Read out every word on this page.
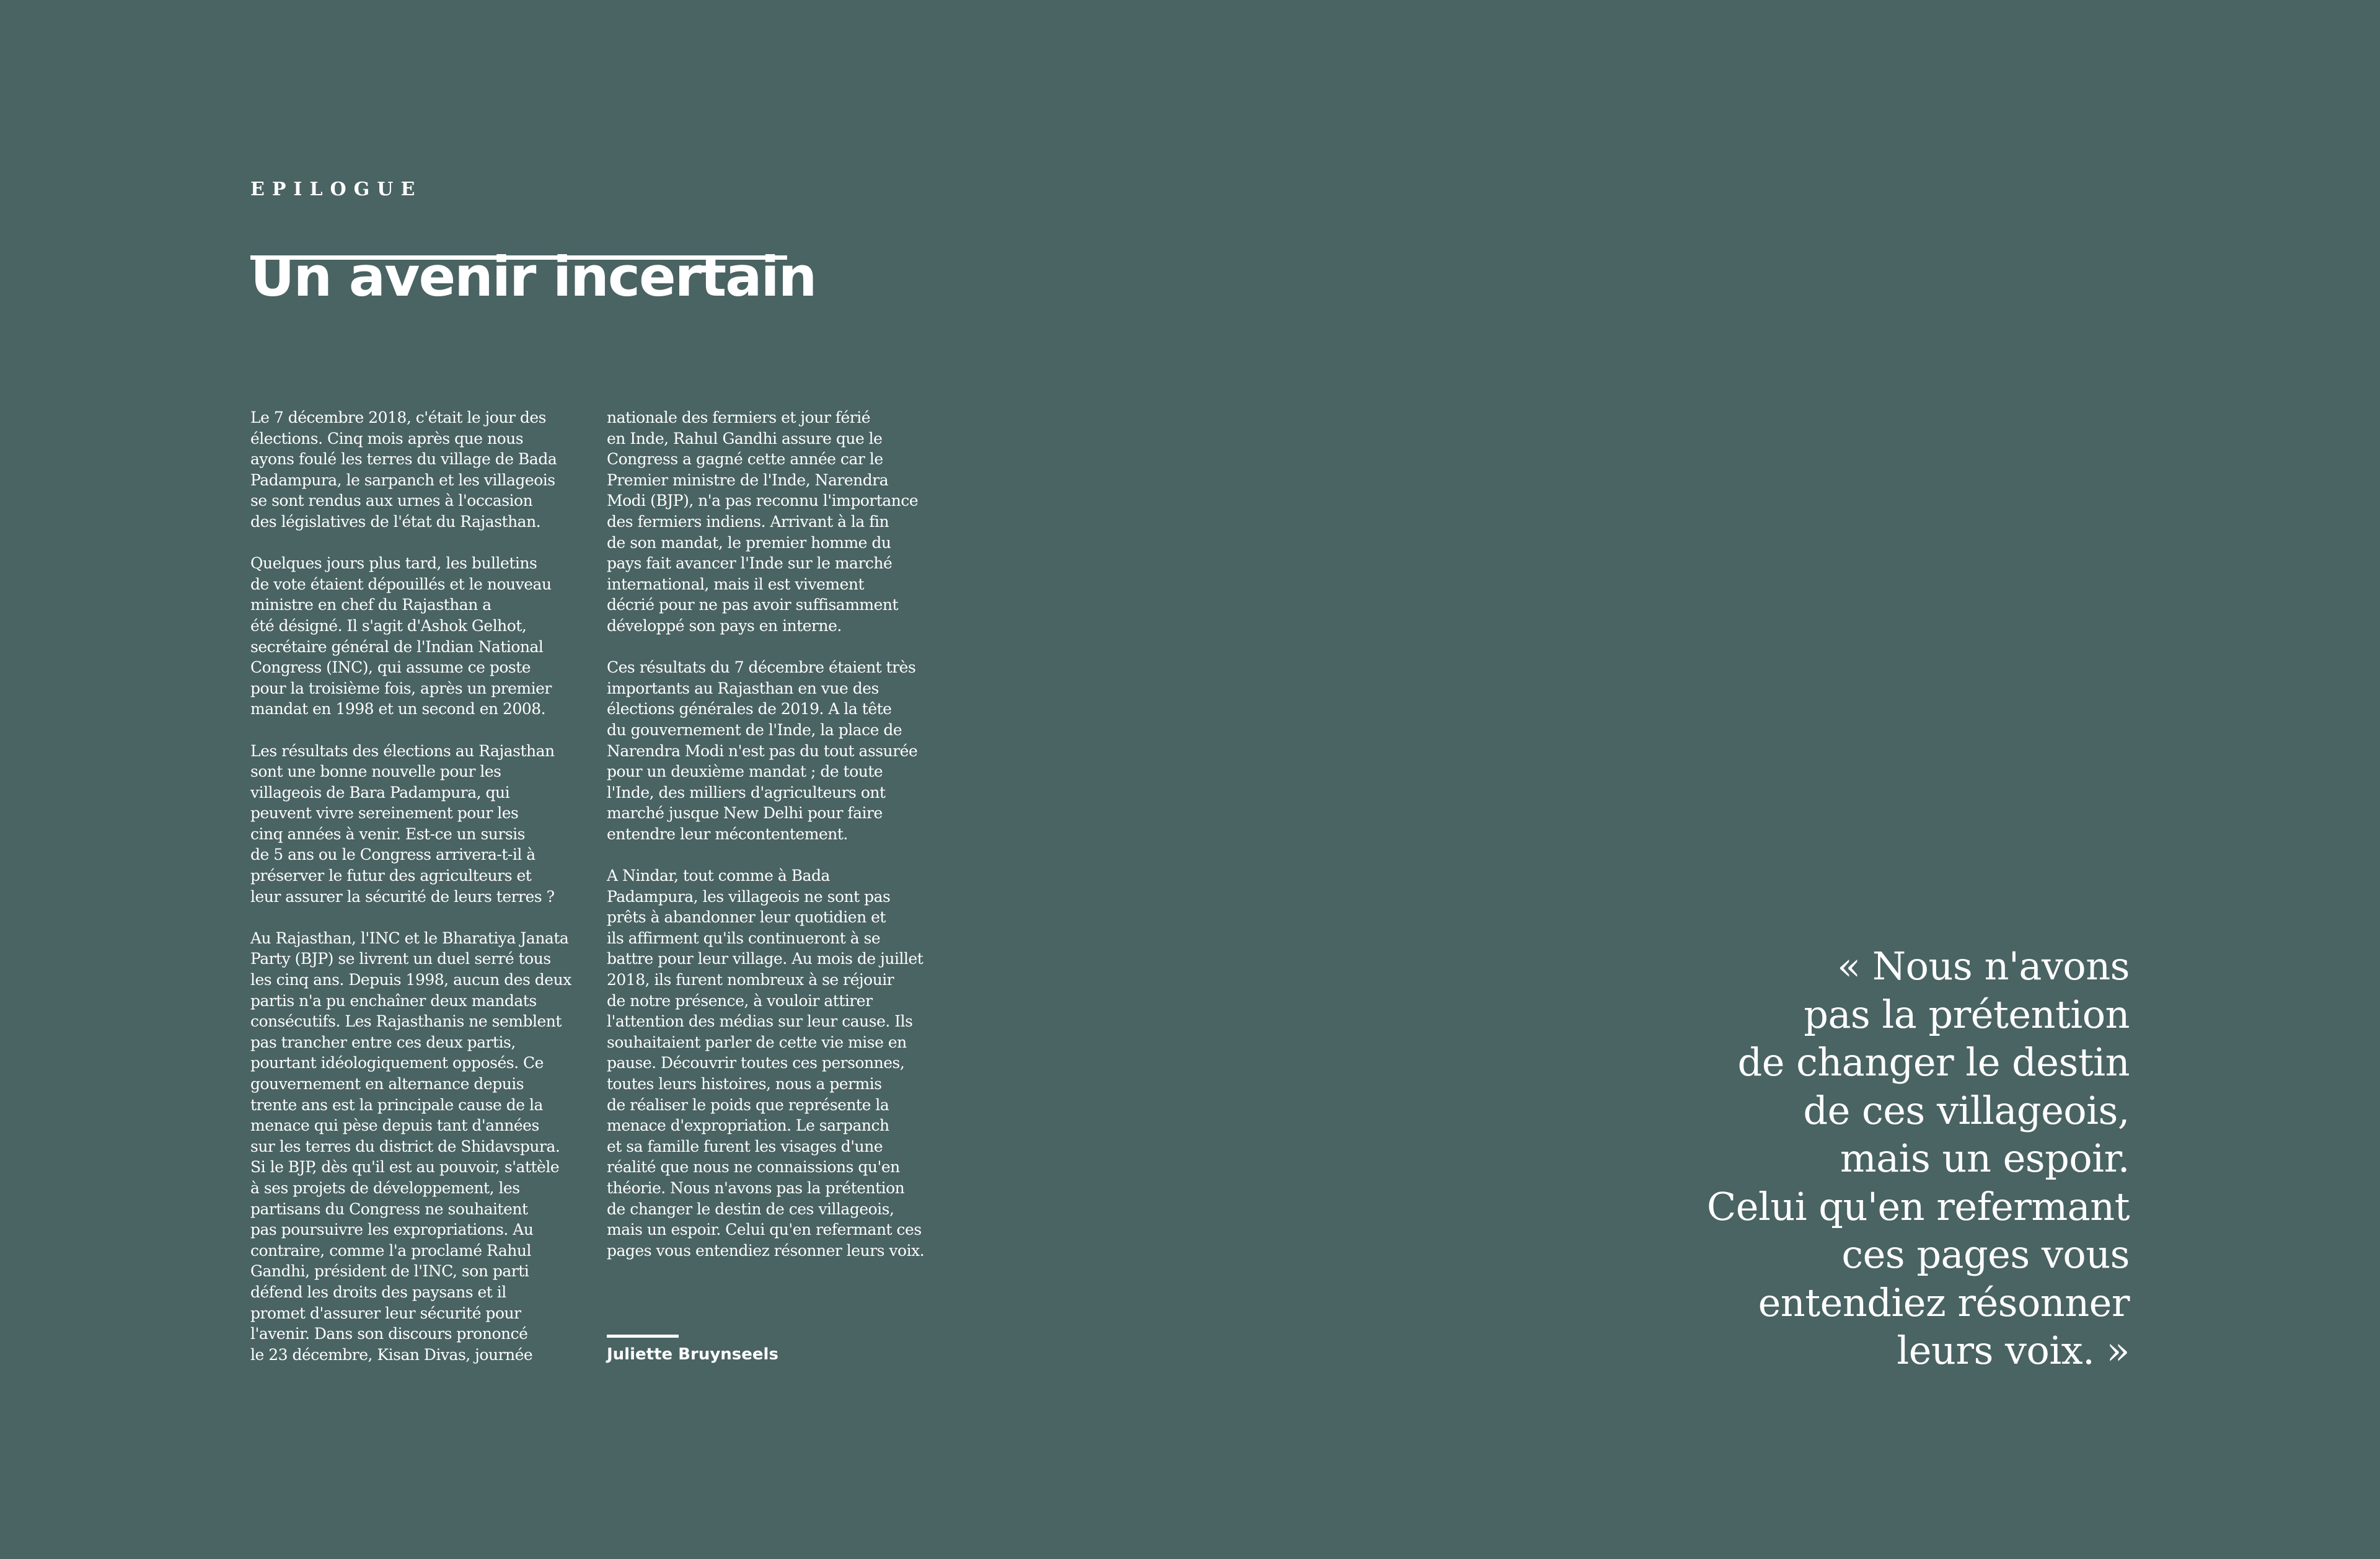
EPILOGUE
Un avenir incertain

Le 7 décembre 2018, c'était le jour des
élections. Cinq mois après que nous
ayons foulé les terres du village de Bada
Padampura, le sarpanch et les villageois
se sont rendus aux urnes à l'occasion
des législatives de l'état du Rajasthan.

Quelques jours plus tard, les bulletins
de vote étaient dépouillés et le nouveau
ministre en chef du Rajasthan a
été désigné. Il s'agit d'Ashok Gelhot,
secrétaire général de l'Indian National
Congress (INC), qui assume ce poste
pour la troisième fois, après un premier
mandat en 1998 et un second en 2008.

Les résultats des élections au Rajasthan
sont une bonne nouvelle pour les
villageois de Bara Padampura, qui
peuvent vivre sereinement pour les
cinq années à venir. Est-ce un sursis
de 5 ans ou le Congress arrivera-t-il à
préserver le futur des agriculteurs et
leur assurer la sécurité de leurs terres ?

Au Rajasthan, l'INC et le Bharatiya Janata
Party (BJP) se livrent un duel serré tous
les cinq ans. Depuis 1998, aucun des deux
partis n'a pu enchaîner deux mandats
consécutifs. Les Rajasthanis ne semblent
pas trancher entre ces deux partis,
pourtant idéologiquement opposés. Ce
gouvernement en alternance depuis
trente ans est la principale cause de la
menace qui pèse depuis tant d'années
sur les terres du district de Shidavspura.
Si le BJP, dès qu'il est au pouvoir, s'attèle
à ses projets de développement, les
partisans du Congress ne souhaitent
pas poursuivre les expropriations. Au
contraire, comme l'a proclamé Rahul
Gandhi, président de l'INC, son parti
défend les droits des paysans et il
promet d'assurer leur sécurité pour
l'avenir. Dans son discours prononcé
le 23 décembre, Kisan Divas, journée

nationale des fermiers et jour férié
en Inde, Rahul Gandhi assure que le
Congress a gagné cette année car le
Premier ministre de l'Inde, Narendra
Modi (BJP), n'a pas reconnu l'importance
des fermiers indiens. Arrivant à la fin
de son mandat, le premier homme du
pays fait avancer l'Inde sur le marché
international, mais il est vivement
décrié pour ne pas avoir suffisamment
développé son pays en interne.

Ces résultats du 7 décembre étaient très
importants au Rajasthan en vue des
élections générales de 2019. A la tête
du gouvernement de l'Inde, la place de
Narendra Modi n'est pas du tout assurée
pour un deuxième mandat ; de toute
l'Inde, des milliers d'agriculteurs ont
marché jusque New Delhi pour faire
entendre leur mécontentement.

A Nindar, tout comme à Bada
Padampura, les villageois ne sont pas
prêts à abandonner leur quotidien et
ils affirment qu'ils continueront à se
battre pour leur village. Au mois de juillet
2018, ils furent nombreux à se réjouir
de notre présence, à vouloir attirer
l'attention des médias sur leur cause. Ils
souhaitaient parler de cette vie mise en
pause. Découvrir toutes ces personnes,
toutes leurs histoires, nous a permis
de réaliser le poids que représente la
menace d'expropriation. Le sarpanch
et sa famille furent les visages d'une
réalité que nous ne connaissions qu'en
théorie. Nous n'avons pas la prétention
de changer le destin de ces villageois,
mais un espoir. Celui qu'en refermant ces
pages vous entendiez résonner leurs voix.

Juliette Bruynseels

« Nous n'avons
pas la prétention
de changer le destin
de ces villageois,
mais un espoir.
Celui qu'en refermant
ces pages vous
entendiez résonner
leurs voix. »
